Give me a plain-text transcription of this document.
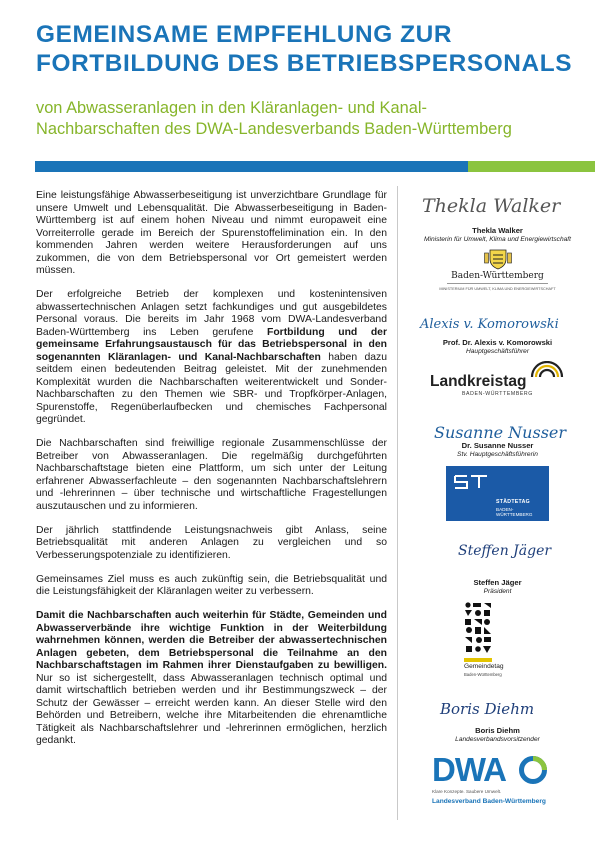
GEMEINSAME EMPFEHLUNG ZUR
FORTBILDUNG DES BETRIEBSPERSONALS
von Abwasseranlagen in den Kläranlagen- und Kanal-
Nachbarschaften des DWA-Landesverbands Baden-Württemberg

Eine leistungsfähige Abwasserbeseitigung ist unverzichtbare Grundlage für unsere Umwelt und Lebensqualität. Die Abwasserbeseitigung in Baden-Württemberg ist auf einem hohen Niveau und nimmt europaweit eine Vorreiterrolle gerade im Bereich der Spurenstoffelimination ein. In den kommenden Jahren werden weitere Herausforderungen auf uns zukommen, die von dem Betriebspersonal vor Ort gemeistert werden müssen.

Der erfolgreiche Betrieb der komplexen und kostenintensiven abwassertechnischen Anlagen setzt fachkundiges und gut ausgebildetes Personal voraus. Die bereits im Jahr 1968 vom DWA-Landesverband Baden-Württemberg ins Leben gerufene Fortbildung und der gemeinsame Erfahrungsaustausch für das Betriebspersonal in den sogenannten Kläranlagen- und Kanal-Nachbarschaften haben dazu seitdem einen bedeutenden Beitrag geleistet. Mit der zunehmenden Komplexität wurden die Nachbarschaften weiterentwickelt und Sonder-Nachbarschaften zu den Themen wie SBR- und Tropfkörper-Anlagen, Spurenstoffe, Regenüberlaufbecken und chemisches Fachpersonal gegründet.

Die Nachbarschaften sind freiwillige regionale Zusammenschlüsse der Betreiber von Abwasseranlagen. Die regelmäßig durchgeführten Nachbarschaftstage bieten eine Plattform, um sich unter der Leitung erfahrener Abwasserfachleute – den sogenannten Nachbarschaftslehrern und -lehrerinnen – über technische und wirtschaftliche Fragestellungen auszutauschen und zu informieren.

Der jährlich stattfindende Leistungsnachweis gibt Anlass, seine Betriebsqualität mit anderen Anlagen zu vergleichen und so Verbesserungspotenziale zu identifizieren.

Gemeinsames Ziel muss es auch zukünftig sein, die Betriebsqualität und die Leistungsfähigkeit der Kläranlagen weiter zu verbessern.

Damit die Nachbarschaften auch weiterhin für Städte, Gemeinden und Abwasserverbände ihre wichtige Funktion in der Weiterbildung wahrnehmen können, werden die Betreiber der abwassertechnischen Anlagen gebeten, dem Betriebspersonal die Teilnahme an den Nachbarschaftstagen im Rahmen ihrer Dienstaufgaben zu bewilligen. Nur so ist sichergestellt, dass Abwasseranlagen technisch optimal und damit wirtschaftlich betrieben werden und ihr Bestimmungszweck – der Schutz der Gewässer – erreicht werden kann. An dieser Stelle wird den Behörden und Betreibern, welche ihre Mitarbeitenden die ehrenamtliche Tätigkeit als Nachbarschaftslehrer und -lehrerinnen ermöglichen, herzlich gedankt.

Thekla Walker
Thekla Walker
Ministerin für Umwelt, Klima und Energiewirtschaft
Baden-Württemberg
MINISTERIUM FÜR UMWELT, KLIMA UND ENERGIEWIRTSCHAFT
Alexis v. Komorowski
Prof. Dr. Alexis v. Komorowski
Hauptgeschäftsführer
Landkreistag
BADEN-WÜRTTEMBERG
Susanne Nusser
Dr. Susanne Nusser
Stv. Hauptgeschäftsführerin
STÄDTETAG
BADEN-WÜRTTEMBERG
Steffen Jäger
Steffen Jäger
Präsident
Gemeindetag
Baden-Württemberg
Boris Diehm
Boris Diehm
Landesverbandsvorsitzender
DWA
Klare Konzepte. Saubere Umwelt.
Landesverband Baden-Württemberg
